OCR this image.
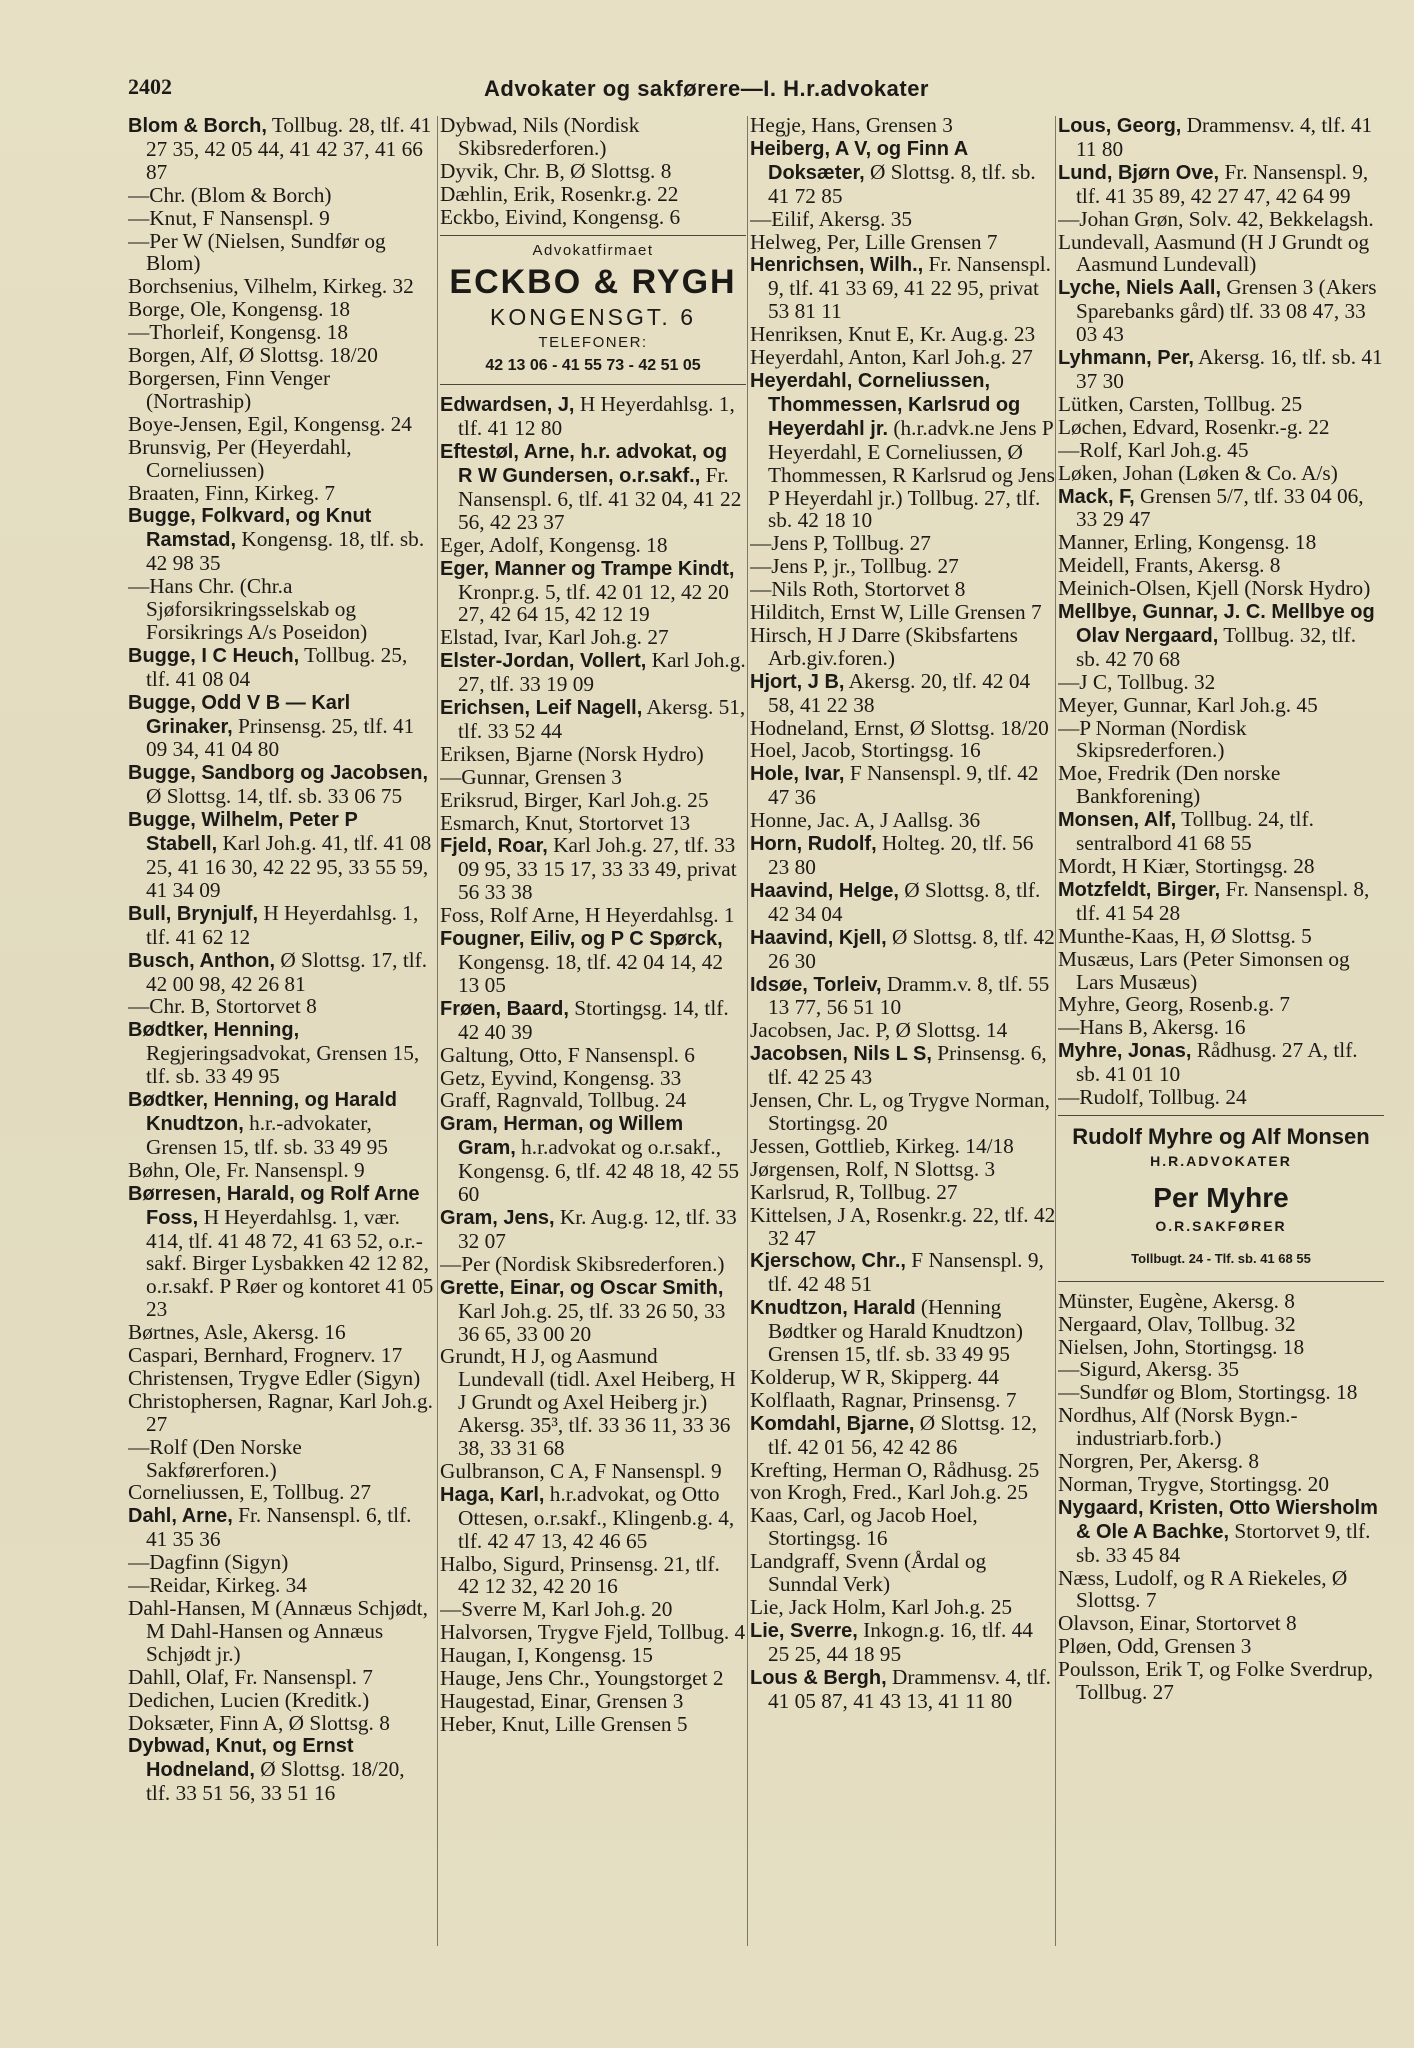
2402	Advokater og sakførere—I. H.r.advokater

Blom & Borch, Tollbug. 28, tlf. 41 27 35, 42 05 44, 41 42 37, 41 66 87

—Chr. (Blom & Borch)

—Knut, F Nansenspl. 9

—Per W (Nielsen, Sundfør og Blom)

Borchsenius, Vilhelm, Kirkeg. 32

Borge, Ole, Kongensg. 18

—Thorleif, Kongensg. 18

Borgen, Alf, Ø Slottsg. 18/20

Borgersen, Finn Venger (Nortraship)

Boye-Jensen, Egil, Kongensg. 24

Brunsvig, Per (Heyerdahl, Corneliussen)

Braaten, Finn, Kirkeg. 7

Bugge, Folkvard, og Knut Ramstad, Kongensg. 18, tlf. sb. 42 98 35

—Hans Chr. (Chr.a Sjøforsikringsselskab og Forsikrings A/s Poseidon)

Bugge, I C Heuch, Tollbug. 25, tlf. 41 08 04

Bugge, Odd V B — Karl Grinaker, Prinsensg. 25, tlf. 41 09 34, 41 04 80

Bugge, Sandborg og Jacobsen, Ø Slottsg. 14, tlf. sb. 33 06 75

Bugge, Wilhelm, Peter P Stabell, Karl Joh.g. 41, tlf. 41 08 25, 41 16 30, 42 22 95, 33 55 59, 41 34 09

Bull, Brynjulf, H Heyerdahlsg. 1, tlf. 41 62 12

Busch, Anthon, Ø Slottsg. 17, tlf. 42 00 98, 42 26 81

—Chr. B, Stortorvet 8

Bødtker, Henning, Regjeringsadvokat, Grensen 15, tlf. sb. 33 49 95

Bødtker, Henning, og Harald Knudtzon, h.r.-advokater, Grensen 15, tlf. sb. 33 49 95

Bøhn, Ole, Fr. Nansenspl. 9

Børresen, Harald, og Rolf Arne Foss, H Heyerdahlsg. 1, vær. 414, tlf. 41 48 72, 41 63 52, o.r.-sakf. Birger Lysbakken 42 12 82, o.r.sakf. P Røer og kontoret 41 05 23

Børtnes, Asle, Akersg. 16

Caspari, Bernhard, Frognerv. 17

Christensen, Trygve Edler (Sigyn)

Christophersen, Ragnar, Karl Joh.g. 27

—Rolf (Den Norske Sakførerforen.)

Corneliussen, E, Tollbug. 27

Dahl, Arne, Fr. Nansenspl. 6, tlf. 41 35 36

—Dagfinn (Sigyn)

—Reidar, Kirkeg. 34

Dahl-Hansen, M (Annæus Schjødt, M Dahl-Hansen og Annæus Schjødt jr.)

Dahll, Olaf, Fr. Nansenspl. 7

Dedichen, Lucien (Kreditk.)

Doksæter, Finn A, Ø Slottsg. 8

Dybwad, Knut, og Ernst Hodneland, Ø Slottsg. 18/20, tlf. 33 51 56, 33 51 16

Dybwad, Nils (Nordisk Skibsrederforen.)

Dyvik, Chr. B, Ø Slottsg. 8

Dæhlin, Erik, Rosenkr.g. 22

Eckbo, Eivind, Kongensg. 6

Advokatfirmaet
ECKBO & RYGH
KONGENSGT. 6
TELEFONER:
42 13 06 - 41 55 73 - 42 51 05

Edwardsen, J, H Heyerdahlsg. 1, tlf. 41 12 80

Eftestøl, Arne, h.r. advokat, og R W Gundersen, o.r.sakf., Fr. Nansenspl. 6, tlf. 41 32 04, 41 22 56, 42 23 37

Eger, Adolf, Kongensg. 18

Eger, Manner og Trampe Kindt, Kronpr.g. 5, tlf. 42 01 12, 42 20 27, 42 64 15, 42 12 19

Elstad, Ivar, Karl Joh.g. 27

Elster-Jordan, Vollert, Karl Joh.g. 27, tlf. 33 19 09

Erichsen, Leif Nagell, Akersg. 51, tlf. 33 52 44

Eriksen, Bjarne (Norsk Hydro)

—Gunnar, Grensen 3

Eriksrud, Birger, Karl Joh.g. 25

Esmarch, Knut, Stortorvet 13

Fjeld, Roar, Karl Joh.g. 27, tlf. 33 09 95, 33 15 17, 33 33 49, privat 56 33 38

Foss, Rolf Arne, H Heyerdahlsg. 1

Fougner, Eiliv, og P C Spørck, Kongensg. 18, tlf. 42 04 14, 42 13 05

Frøen, Baard, Stortingsg. 14, tlf. 42 40 39

Galtung, Otto, F Nansenspl. 6

Getz, Eyvind, Kongensg. 33

Graff, Ragnvald, Tollbug. 24

Gram, Herman, og Willem Gram, h.r.advokat og o.r.sakf., Kongensg. 6, tlf. 42 48 18, 42 55 60

Gram, Jens, Kr. Aug.g. 12, tlf. 33 32 07

—Per (Nordisk Skibsrederforen.)

Grette, Einar, og Oscar Smith, Karl Joh.g. 25, tlf. 33 26 50, 33 36 65, 33 00 20

Grundt, H J, og Aasmund Lundevall (tidl. Axel Heiberg, H J Grundt og Axel Heiberg jr.) Akersg. 35³, tlf. 33 36 11, 33 36 38, 33 31 68

Gulbranson, C A, F Nansenspl. 9

Haga, Karl, h.r.advokat, og Otto Ottesen, o.r.sakf., Klingenb.g. 4, tlf. 42 47 13, 42 46 65

Halbo, Sigurd, Prinsensg. 21, tlf. 42 12 32, 42 20 16

—Sverre M, Karl Joh.g. 20

Halvorsen, Trygve Fjeld, Tollbug. 4

Haugan, I, Kongensg. 15

Hauge, Jens Chr., Youngstorget 2

Haugestad, Einar, Grensen 3

Heber, Knut, Lille Grensen 5

Hegje, Hans, Grensen 3

Heiberg, A V, og Finn A Doksæter, Ø Slottsg. 8, tlf. sb. 41 72 85

—Eilif, Akersg. 35

Helweg, Per, Lille Grensen 7

Henrichsen, Wilh., Fr. Nansenspl. 9, tlf. 41 33 69, 41 22 95, privat 53 81 11

Henriksen, Knut E, Kr. Aug.g. 23

Heyerdahl, Anton, Karl Joh.g. 27

Heyerdahl, Corneliussen, Thommessen, Karlsrud og Heyerdahl jr. (h.r.advk.ne Jens P Heyerdahl, E Corneliussen, Ø Thommessen, R Karlsrud og Jens P Heyerdahl jr.) Tollbug. 27, tlf. sb. 42 18 10

—Jens P, Tollbug. 27

—Jens P, jr., Tollbug. 27

—Nils Roth, Stortorvet 8

Hilditch, Ernst W, Lille Grensen 7

Hirsch, H J Darre (Skibsfartens Arb.giv.foren.)

Hjort, J B, Akersg. 20, tlf. 42 04 58, 41 22 38

Hodneland, Ernst, Ø Slottsg. 18/20

Hoel, Jacob, Stortingsg. 16

Hole, Ivar, F Nansenspl. 9, tlf. 42 47 36

Honne, Jac. A, J Aallsg. 36

Horn, Rudolf, Holteg. 20, tlf. 56 23 80

Haavind, Helge, Ø Slottsg. 8, tlf. 42 34 04

Haavind, Kjell, Ø Slottsg. 8, tlf. 42 26 30

Idsøe, Torleiv, Dramm.v. 8, tlf. 55 13 77, 56 51 10

Jacobsen, Jac. P, Ø Slottsg. 14

Jacobsen, Nils L S, Prinsensg. 6, tlf. 42 25 43

Jensen, Chr. L, og Trygve Norman, Stortingsg. 20

Jessen, Gottlieb, Kirkeg. 14/18

Jørgensen, Rolf, N Slottsg. 3

Karlsrud, R, Tollbug. 27

Kittelsen, J A, Rosenkr.g. 22, tlf. 42 32 47

Kjerschow, Chr., F Nansenspl. 9, tlf. 42 48 51

Knudtzon, Harald (Henning Bødtker og Harald Knudtzon) Grensen 15, tlf. sb. 33 49 95

Kolderup, W R, Skipperg. 44

Kolflaath, Ragnar, Prinsensg. 7

Komdahl, Bjarne, Ø Slottsg. 12, tlf. 42 01 56, 42 42 86

Krefting, Herman O, Rådhusg. 25

von Krogh, Fred., Karl Joh.g. 25

Kaas, Carl, og Jacob Hoel, Stortingsg. 16

Landgraff, Svenn (Årdal og Sunndal Verk)

Lie, Jack Holm, Karl Joh.g. 25

Lie, Sverre, Inkogn.g. 16, tlf. 44 25 25, 44 18 95

Lous & Bergh, Drammensv. 4, tlf. 41 05 87, 41 43 13, 41 11 80

Lous, Georg, Drammensv. 4, tlf. 41 11 80

Lund, Bjørn Ove, Fr. Nansenspl. 9, tlf. 41 35 89, 42 27 47, 42 64 99

—Johan Grøn, Solv. 42, Bekkelagsh.

Lundevall, Aasmund (H J Grundt og Aasmund Lundevall)

Lyche, Niels Aall, Grensen 3 (Akers Sparebanks gård) tlf. 33 08 47, 33 03 43

Lyhmann, Per, Akersg. 16, tlf. sb. 41 37 30

Lütken, Carsten, Tollbug. 25

Løchen, Edvard, Rosenkr.-g. 22

—Rolf, Karl Joh.g. 45

Løken, Johan (Løken & Co. A/s)

Mack, F, Grensen 5/7, tlf. 33 04 06, 33 29 47

Manner, Erling, Kongensg. 18

Meidell, Frants, Akersg. 8

Meinich-Olsen, Kjell (Norsk Hydro)

Mellbye, Gunnar, J. C. Mellbye og Olav Nergaard, Tollbug. 32, tlf. sb. 42 70 68

—J C, Tollbug. 32

Meyer, Gunnar, Karl Joh.g. 45

—P Norman (Nordisk Skipsrederforen.)

Moe, Fredrik (Den norske Bankforening)

Monsen, Alf, Tollbug. 24, tlf. sentralbord 41 68 55

Mordt, H Kiær, Stortingsg. 28

Motzfeldt, Birger, Fr. Nansenspl. 8, tlf. 41 54 28

Munthe-Kaas, H, Ø Slottsg. 5

Musæus, Lars (Peter Simonsen og Lars Musæus)

Myhre, Georg, Rosenb.g. 7

—Hans B, Akersg. 16

Myhre, Jonas, Rådhusg. 27 A, tlf. sb. 41 01 10

—Rudolf, Tollbug. 24

Rudolf Myhre og Alf Monsen
H.R.ADVOKATER
Per Myhre
O.R.SAKFØRER
Tollbugt. 24 - Tlf. sb. 41 68 55

Münster, Eugène, Akersg. 8

Nergaard, Olav, Tollbug. 32

Nielsen, John, Stortingsg. 18

—Sigurd, Akersg. 35

—Sundfør og Blom, Stortingsg. 18

Nordhus, Alf (Norsk Bygn.-industriarb.forb.)

Norgren, Per, Akersg. 8

Norman, Trygve, Stortingsg. 20

Nygaard, Kristen, Otto Wiersholm & Ole A Bachke, Stortorvet 9, tlf. sb. 33 45 84

Næss, Ludolf, og R A Riekeles, Ø Slottsg. 7

Olavson, Einar, Stortorvet 8

Pløen, Odd, Grensen 3

Poulsson, Erik T, og Folke Sverdrup, Tollbug. 27
